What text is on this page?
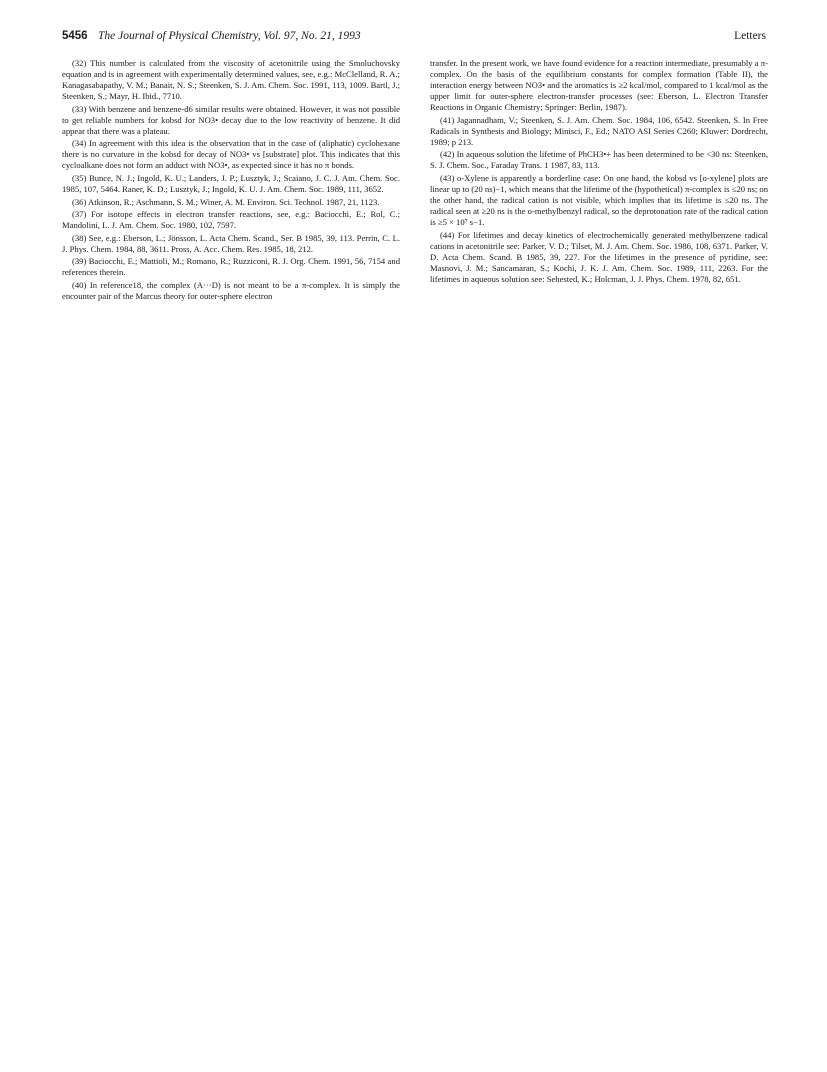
5456 The Journal of Physical Chemistry, Vol. 97, No. 21, 1993	Letters

(32) This number is calculated from the viscosity of acetonitrile using the Smoluchovsky equation and is in agreement with experimentally determined values, see, e.g.: McClelland, R. A.; Kanagasabapathy, V. M.; Banait, N. S.; Steenken, S. J. Am. Chem. Soc. 1991, 113, 1009. Bartl, J.; Steenken, S.; Mayr, H. Ibid., 7710.

(33) With benzene and benzene-d6 similar results were obtained. However, it was not possible to get reliable numbers for kobsd for NO3• decay due to the low reactivity of benzene. It did appear that there was a plateau.

(34) In agreement with this idea is the observation that in the case of (aliphatic) cyclohexane there is no curvature in the kobsd for decay of NO3• vs [substrate] plot. This indicates that this cycloalkane does not form an adduct with NO3•, as expected since it has no π bonds.

(35) Bunce, N. J.; Ingold, K. U.; Landers, J. P.; Lusztyk, J.; Scaiano, J. C. J. Am. Chem. Soc. 1985, 107, 5464. Raner, K. D.; Lusztyk, J.; Ingold, K. U. J. Am. Chem. Soc. 1989, 111, 3652.

(36) Atkinson, R.; Aschmann, S. M.; Winer, A. M. Environ. Sci. Technol. 1987, 21, 1123.

(37) For isotope effects in electron transfer reactions, see, e.g.: Baciocchi, E.; Rol, C.; Mandolini, L. J. Am. Chem. Soc. 1980, 102, 7597.

(38) See, e.g.: Eberson, L.; Jönsson, L. Acta Chem. Scand., Ser. B 1985, 39, 113. Perrin, C. L. J. Phys. Chem. 1984, 88, 3611. Pross, A. Acc. Chem. Res. 1985, 18, 212.

(39) Baciocchi, E.; Mattioli, M.; Romano, R.; Ruzziconi, R. J. Org. Chem. 1991, 56, 7154 and references therein.

(40) In reference18, the complex (A···D) is not meant to be a π-complex. It is simply the encounter pair of the Marcus theory for outer-sphere electron

transfer. In the present work, we have found evidence for a reaction intermediate, presumably a π-complex. On the basis of the equilibrium constants for complex formation (Table II), the interaction energy between NO3• and the aromatics is ≥2 kcal/mol, compared to 1 kcal/mol as the upper limit for outer-sphere electron-transfer processes (see: Eberson, L. Electron Transfer Reactions in Organic Chemistry; Springer: Berlin, 1987).

(41) Jagannadham, V.; Steenken, S. J. Am. Chem. Soc. 1984, 106, 6542. Steenken, S. In Free Radicals in Synthesis and Biology; Minisci, F., Ed.; NATO ASI Series C260; Kluwer: Dordrecht, 1989; p 213.

(42) In aqueous solution the lifetime of PhCH3•+ has been determined to be <30 ns: Steenken, S. J. Chem. Soc., Faraday Trans. 1 1987, 83, 113.

(43) o-Xylene is apparently a borderline case: On one hand, the kobsd vs [o-xylene] plots are linear up to (20 ns)−1, which means that the lifetime of the (hypothetical) π-complex is ≤20 ns; on the other hand, the radical cation is not visible, which implies that its lifetime is ≤20 ns. The radical seen at ≥20 ns is the o-methylbenzyl radical, so the deprotonation rate of the radical cation is ≥5 × 10⁷ s−1.

(44) For lifetimes and decay kinetics of electrochemically generated methylbenzene radical cations in acetonitrile see: Parker, V. D.; Tilset, M. J. Am. Chem. Soc. 1986, 108, 6371. Parker, V. D. Acta Chem. Scand. B 1985, 39, 227. For the lifetimes in the presence of pyridine, see: Masnovi, J. M.; Sancamaran, S.; Kochi, J. K. J. Am. Chem. Soc. 1989, 111, 2263. For the lifetimes in aqueous solution see: Sehested, K.; Holcman, J. J. Phys. Chem. 1978, 82, 651.
